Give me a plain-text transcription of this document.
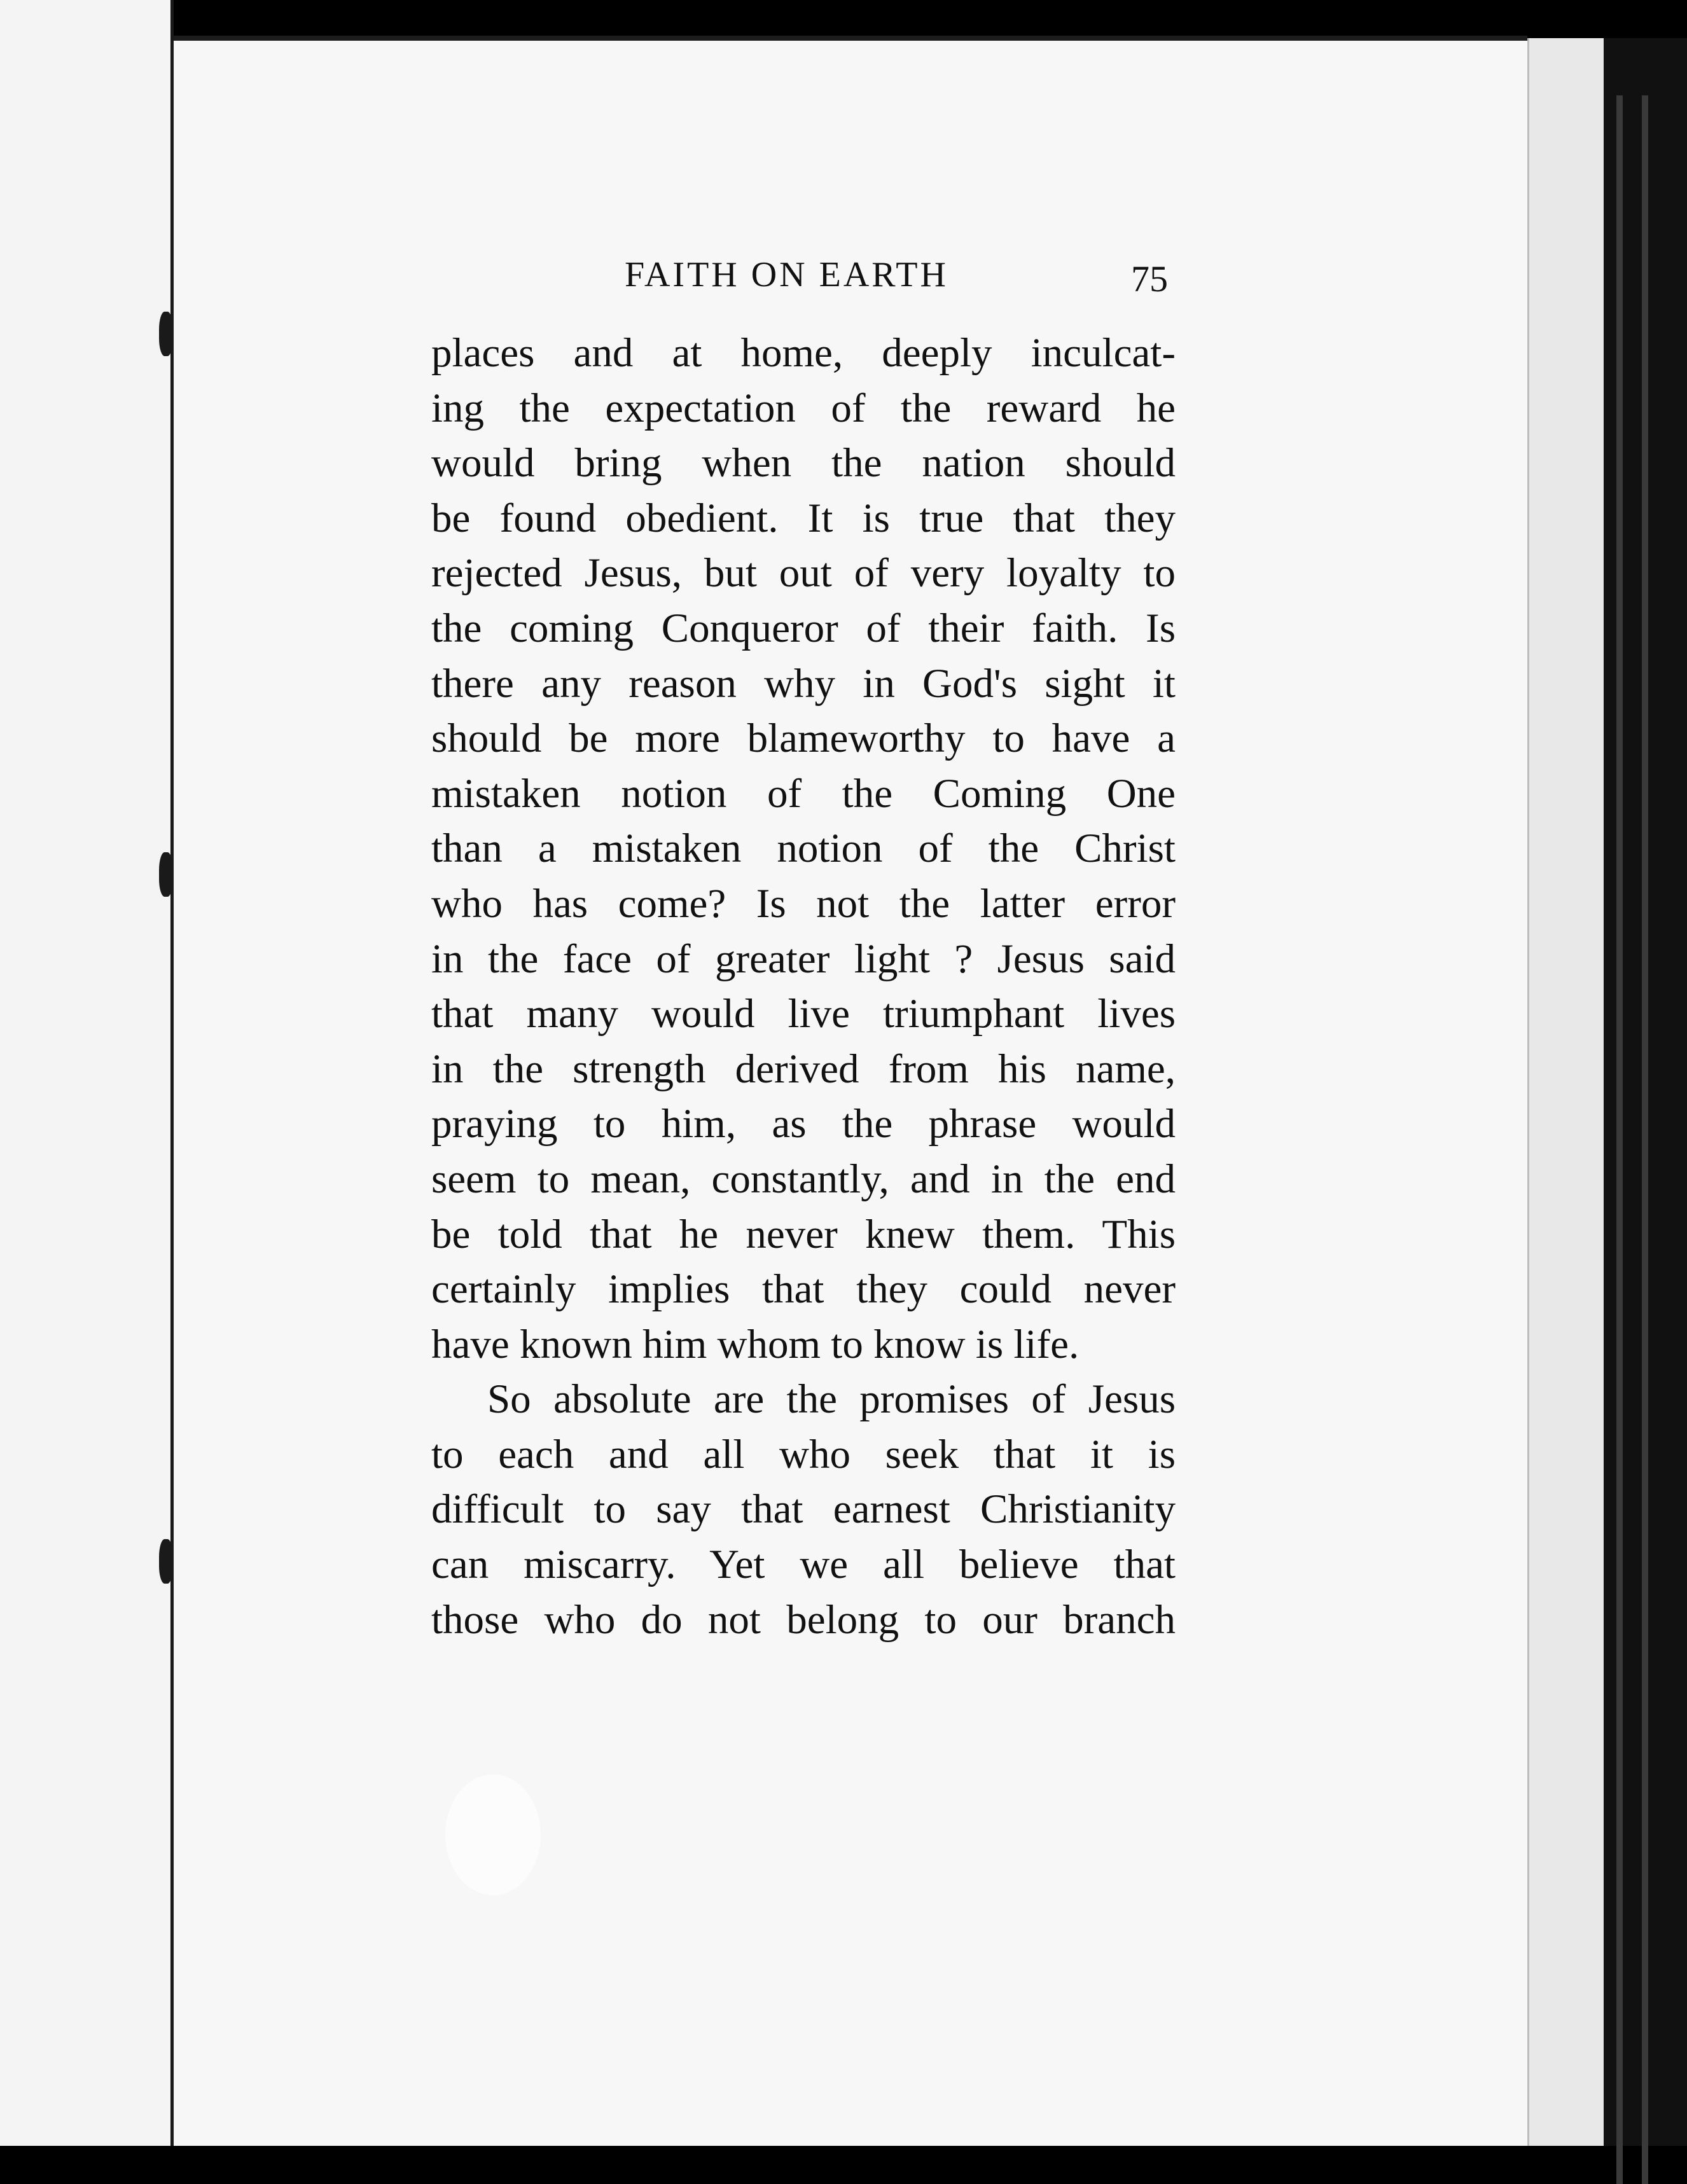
FAITH ON EARTH	75
places and at home, deeply inculcat-
ing the expectation of the reward he
would bring when the nation should
be found obedient. It is true that they
rejected Jesus, but out of very loyalty to
the coming Conqueror of their faith. Is
there any reason why in God's sight it
should be more blameworthy to have a
mistaken notion of the Coming One
than a mistaken notion of the Christ
who has come? Is not the latter error
in the face of greater light ? Jesus said
that many would live triumphant lives
in the strength derived from his name,
praying to him, as the phrase would
seem to mean, constantly, and in the end
be told that he never knew them. This
certainly implies that they could never
have known him whom to know is life.
So absolute are the promises of Jesus
to each and all who seek that it is
difficult to say that earnest Christianity
can miscarry. Yet we all believe that
those who do not belong to our branch
